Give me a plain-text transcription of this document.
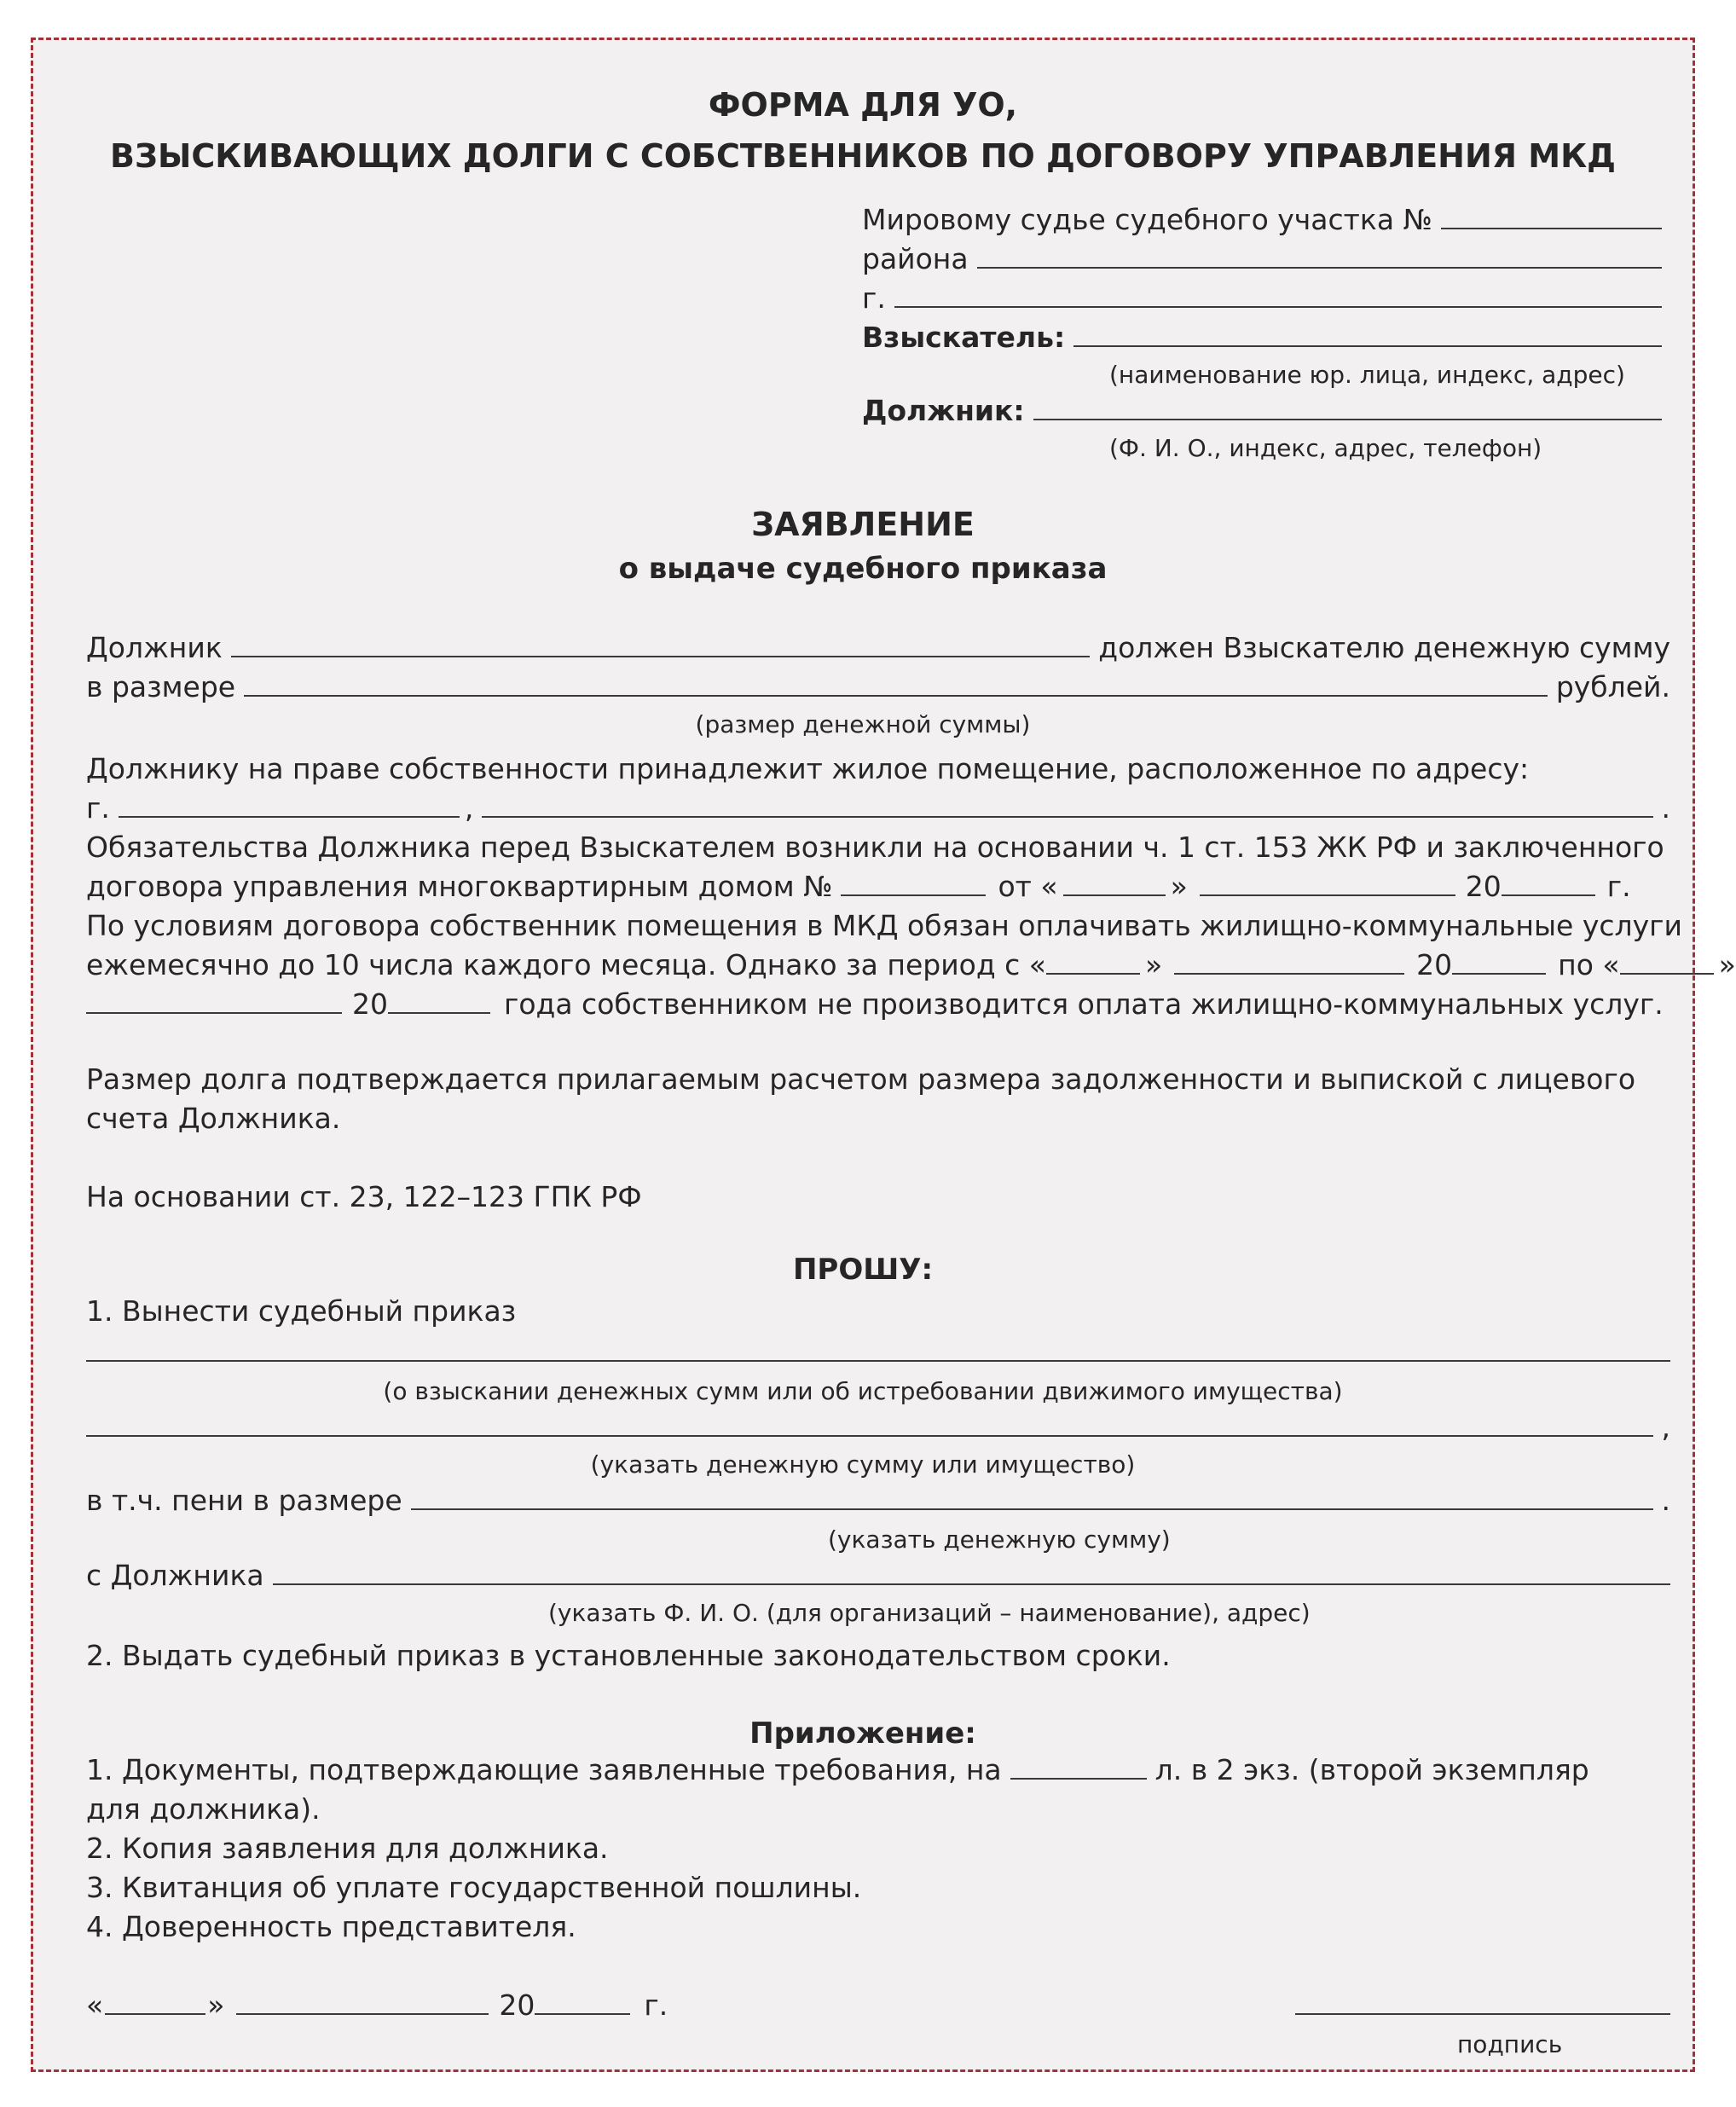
ФОРМА ДЛЯ УО,
ВЗЫСКИВАЮЩИХ ДОЛГИ С СОБСТВЕННИКОВ ПО ДОГОВОРУ УПРАВЛЕНИЯ МКД
Мировому судье судебного участка №
района
г.
Взыскатель:
(наименование юр. лица, индекс, адрес)
Должник:
(Ф. И. О., индекс, адрес, телефон)
ЗАЯВЛЕНИЕ
о выдаче судебного приказа
Должник	должен Взыскателю денежную сумму
в размере	рублей.
(размер денежной суммы)
Должнику на праве собственности принадлежит жилое помещение, расположенное по адресу:
г.	,	.
Обязательства Должника перед Взыскателем возникли на основании ч. 1 ст. 153 ЖК РФ и заключенного
договора управления многоквартирным домом №	от «	»	20	г.
По условиям договора собственник помещения в МКД обязан оплачивать жилищно-коммунальные услуги
ежемесячно до 10 числа каждого месяца. Однако за период с «	»	20	по «	»
20	года собственником не производится оплата жилищно-коммунальных услуг.
Размер долга подтверждается прилагаемым расчетом размера задолженности и выпиской с лицевого
счета Должника.
На основании ст. 23, 122–123 ГПК РФ
ПРОШУ:
1. Вынести судебный приказ
(о взыскании денежных сумм или об истребовании движимого имущества)
,
(указать денежную сумму или имущество)
в т.ч. пени в размере	.
(указать денежную сумму)
с Должника
(указать Ф. И. О. (для организаций – наименование), адрес)
2. Выдать судебный приказ в установленные законодательством сроки.
Приложение:
1. Документы, подтверждающие заявленные требования, на	л. в 2 экз. (второй экземпляр
для должника).
2. Копия заявления для должника.
3. Квитанция об уплате государственной пошлины.
4. Доверенность представителя.
«	»	20	г.
подпись
